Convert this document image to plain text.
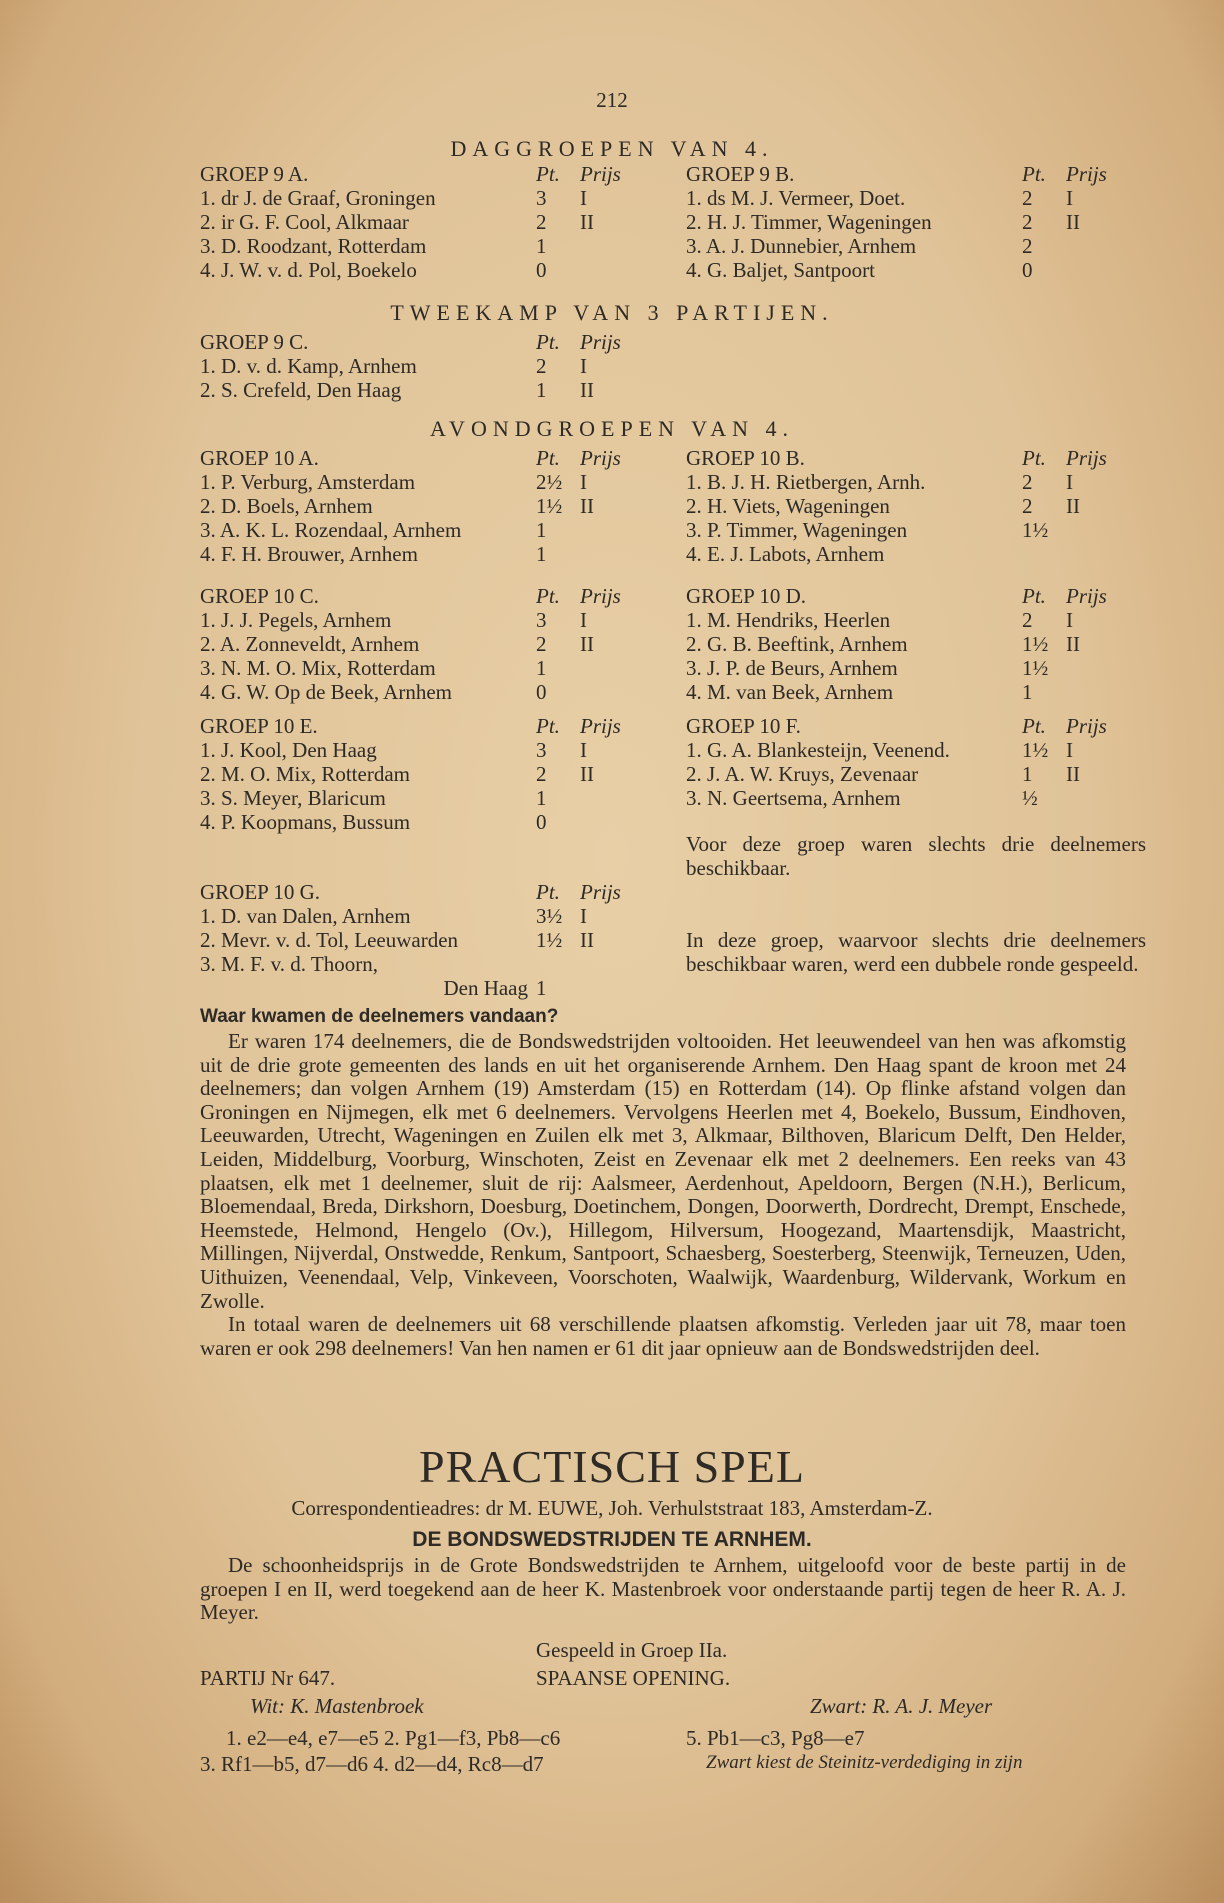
212
DAGGROEPEN VAN 4.
GROEP 9 A.	Pt. Prijs
1. dr J. de Graaf, Groningen	3	I
2. ir G. F. Cool, Alkmaar	2	II
3. D. Roodzant, Rotterdam	1
4. J. W. v. d. Pol, Boekelo	0
GROEP 9 B.	Pt. Prijs
1. ds M. J. Vermeer, Doet.	2	I
2. H. J. Timmer, Wageningen	2	II
3. A. J. Dunnebier, Arnhem	2
4. G. Baljet, Santpoort	0
TWEEKAMP VAN 3 PARTIJEN.
GROEP 9 C.	Pt. Prijs
1. D. v. d. Kamp, Arnhem	2	I
2. S. Crefeld, Den Haag	1	II
AVONDGROEPEN VAN 4.
GROEP 10 A.	Pt. Prijs
1. P. Verburg, Amsterdam	2½ I
2. D. Boels, Arnhem	1½ II
3. A. K. L. Rozendaal, Arnhem	1
4. F. H. Brouwer, Arnhem	1
GROEP 10 B.	Pt. Prijs
1. B. J. H. Rietbergen, Arnh.	2	I
2. H. Viets, Wageningen	2	II
3. P. Timmer, Wageningen	1½
4. E. J. Labots, Arnhem
GROEP 10 C.	Pt. Prijs
1. J. J. Pegels, Arnhem	3	I
2. A. Zonneveldt, Arnhem	2	II
3. N. M. O. Mix, Rotterdam	1
4. G. W. Op de Beek, Arnhem	0
GROEP 10 D.	Pt. Prijs
1. M. Hendriks, Heerlen	2	I
2. G. B. Beeftink, Arnhem	1½ II
3. J. P. de Beurs, Arnhem	1½
4. M. van Beek, Arnhem	1
GROEP 10 E.	Pt. Prijs
1. J. Kool, Den Haag	3	I
2. M. O. Mix, Rotterdam	2	II
3. S. Meyer, Blaricum	1
4. P. Koopmans, Bussum	0
GROEP 10 F.	Pt. Prijs
1. G. A. Blankesteijn, Veenend.	1½ I
2. J. A. W. Kruys, Zevenaar	1	II
3. N. Geertsema, Arnhem	½
Voor deze groep waren slechts drie deelnemers beschikbaar.
GROEP 10 G.	Pt. Prijs
1. D. van Dalen, Arnhem	3½ I
2. Mevr. v. d. Tol, Leeuwarden	1½ II
3. M. F. v. d. Thoorn,
Den Haag 1
In deze groep, waarvoor slechts drie deelnemers beschikbaar waren, werd een dubbele ronde gespeeld.
Waar kwamen de deelnemers vandaan?

Er waren 174 deelnemers, die de Bondswedstrijden voltooiden. Het leeuwendeel van hen was afkomstig uit de drie grote gemeenten des lands en uit het organiserende Arnhem. Den Haag spant de kroon met 24 deelnemers; dan volgen Arnhem (19) Amsterdam (15) en Rotterdam (14). Op flinke afstand volgen dan Groningen en Nijmegen, elk met 6 deelnemers. Vervolgens Heerlen met 4, Boekelo, Bussum, Eindhoven, Leeuwarden, Utrecht, Wageningen en Zuilen elk met 3, Alkmaar, Bilthoven, Blaricum Delft, Den Helder, Leiden, Middelburg, Voorburg, Winschoten, Zeist en Zevenaar elk met 2 deelnemers. Een reeks van 43 plaatsen, elk met 1 deelnemer, sluit de rij: Aalsmeer, Aerdenhout, Apeldoorn, Bergen (N.H.), Berlicum, Bloemendaal, Breda, Dirkshorn, Doesburg, Doetinchem, Dongen, Doorwerth, Dordrecht, Drempt, Enschede, Heemstede, Helmond, Hengelo (Ov.), Hillegom, Hilversum, Hoogezand, Maartensdijk, Maastricht, Millingen, Nijverdal, Onstwedde, Renkum, Santpoort, Schaesberg, Soesterberg, Steenwijk, Terneuzen, Uden, Uithuizen, Veenendaal, Velp, Vinkeveen, Voorschoten, Waalwijk, Waardenburg, Wildervank, Workum en Zwolle.

In totaal waren de deelnemers uit 68 verschillende plaatsen afkomstig. Verleden jaar uit 78, maar toen waren er ook 298 deelnemers! Van hen namen er 61 dit jaar opnieuw aan de Bondswedstrijden deel.

PRACTISCH SPEL
Correspondentieadres: dr M. EUWE, Joh. Verhulststraat 183, Amsterdam-Z.
DE BONDSWEDSTRIJDEN TE ARNHEM.

De schoonheidsprijs in de Grote Bondswedstrijden te Arnhem, uitgeloofd voor de beste partij in de groepen I en II, werd toegekend aan de heer K. Mastenbroek voor onderstaande partij tegen de heer R. A. J. Meyer.

Gespeeld in Groep IIa.
PARTIJ Nr 647.	SPAANSE OPENING.
Wit: K. Mastenbroek	Zwart: R. A. J. Meyer
1. e2—e4, e7—e5 2. Pg1—f3, Pb8—c6
3. Rf1—b5, d7—d6 4. d2—d4, Rc8—d7
5. Pb1—c3, Pg8—e7
Zwart kiest de Steinitz-verdediging in zijn
